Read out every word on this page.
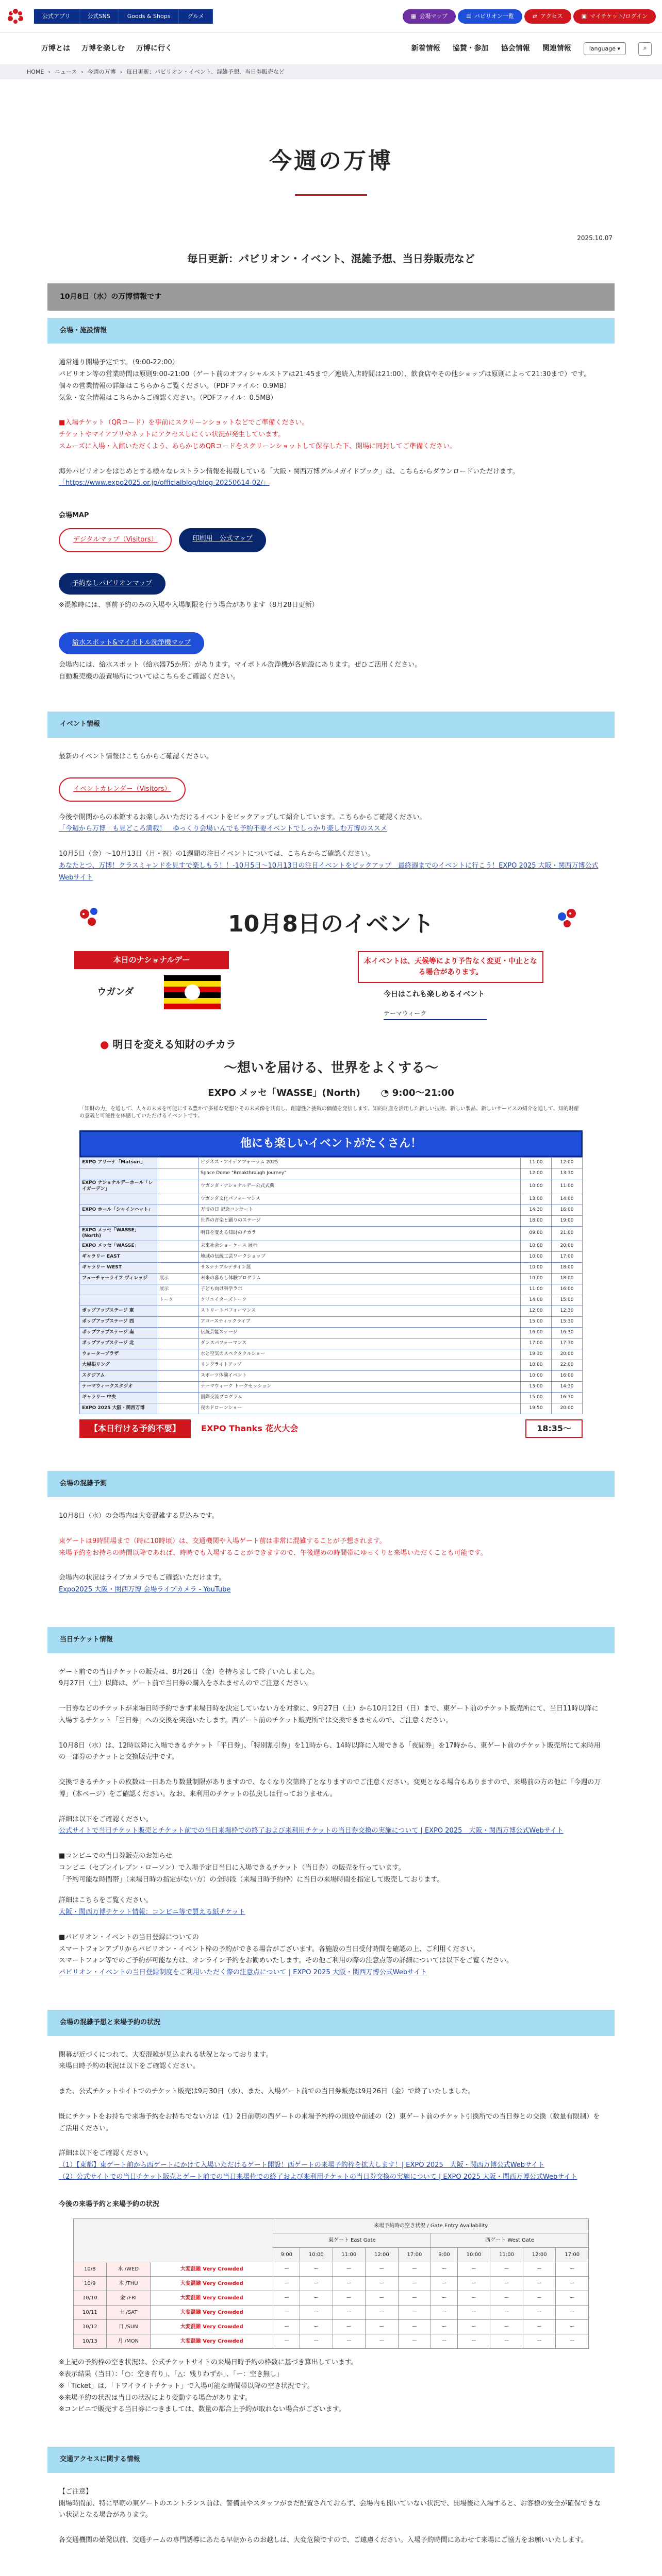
公式アプリ	公式SNS	Goods & Shops	グルメ	▦ 会場マップ	☰ パビリオン一覧	⇄ アクセス	▣ マイチケット/ログイン
万博とは 万博を楽しむ 万博に行く	新着情報 協賛・参加 協会情報 関連情報	language ▾	⌕
HOME › ニュース › 今週の万博 › 毎日更新：パビリオン・イベント、混雑予想、当日券販売など
今週の万博
2025.10.07
毎日更新：パビリオン・イベント、混雑予想、当日券販売など
10月8日（水）の万博情報です
会場・施設情報

通常通り開場予定です。（9:00-22:00）

パビリオン等の営業時間は原則9:00-21:00（ゲート前のオフィシャルストアは21:45まで／連続入店時間は21:00）、飲食店やその他ショップは原則によって21:30まで）です。

個々の営業情報の詳細はこちらからご覧ください。（PDFファイル：0.9MB）

気象・安全情報はこちらからご確認ください。（PDFファイル：0.5MB）

■入場チケット（QRコード）を事前にスクリーンショットなどでご準備ください。

チケットやマイアプリやネットにアクセスしにくい状況が発生しています。

スムーズに入場・入館いただくよう、あらかじめQRコードをスクリーンショットして保存した下、開場に同封してご準備ください。

海外パビリオンをはじめとする様々なレストラン情報を掲載している「大阪・関西万博グルメガイドブック」は、こちらからダウンロードいただけます。

「https://www.expo2025.or.jp/officialblog/blog-20250614-02/」

会場MAP

デジタルマップ（Visitors）	印刷用　公式マップ
予約なしパビリオンマップ

※混雑時には、事前予約のみの入場や入場制限を行う場合があります（8月28日更新）

給水スポット&マイボトル洗浄機マップ

会場内には、給水スポット（給水器75か所）があります。マイボトル洗浄機が各施設にあります。ぜひご活用ください。

自動販売機の設置場所についてはこちらをご確認ください。

イベント情報

最新のイベント情報はこちらからご確認ください。

イベントカレンダー（Visitors）

今後や開閉からの本館するお楽しみいただけるイベントをピックアップして紹介しています。こちらからご確認ください。

「今週から万博」も見どころ満載！　ゆっくり会場いんでも予約不要イベントでしっかり楽しむ万博のススメ

10月5日（金）～10月13日（月・祝）の1週間の注目イベントについては、こちらからご確認ください。

あなたとつ、万博！クラスミャンドを見すで楽しもう！！-10月5日～10月13日の注目イベントをピックアップ　最終週までのイベントに行こう！EXPO 2025 大阪・関西万博公式Webサイト

10月8日のイベント
本日のナショナルデー
ウガンダ
本イベントは、天候等により予告なく変更・中止となる場合があります。
今日はこれも楽しめるイベント
テーマウィーク
● 明日を変える知財のチカラ
～想いを届ける、世界をよくする～
EXPO メッセ「WASSE」(North) ◔ 9:00〜21:00
「知財の力」を通して、人々の未来を可能にする豊かで多様な発想とその未来像を共有し、創造性と挑戦の価値を発信します。知的財産を活用した新しい技術、新しい製品、新しいサービスの紹介を通して、知的財産の意義と可能性を体感していただけるイベントです。
他にも楽しいイベントがたくさん！
EXPO アリーナ「Matsuri」		ビジネス・アイデアフォーラム 2025	11:00	12:00
		Space Dome "Breakthrough Journey"	12:00	13:30
EXPO ナショナルデーホール「レイガーデン」		ウガンダ・ナショナルデー公式式典	10:00	11:00
		ウガンダ文化パフォーマンス	13:00	14:00
EXPO ホール「シャインハット」		万博の日 記念コンサート	14:30	16:00
		世界の音楽と踊りのステージ	18:00	19:00
EXPO メッセ「WASSE」(North)		明日を変える知財のチカラ	09:00	21:00
EXPO メッセ「WASSE」		未来社会ショーケース 展示	10:00	20:00
ギャラリー EAST		地域の伝統工芸ワークショップ	10:00	17:00
ギャラリー WEST		サステナブルデザイン展	10:00	18:00
フューチャーライフ ヴィレッジ	展示	未来の暮らし体験プログラム	10:00	18:00
	展示	子ども向け科学ラボ	11:00	16:00
	トーク	クリエイターズトーク	14:00	15:00
ポップアップステージ 東		ストリートパフォーマンス	12:00	12:30
ポップアップステージ 西		アコースティックライブ	15:00	15:30
ポップアップステージ 南		伝統芸能ステージ	16:00	16:30
ポップアップステージ 北		ダンスパフォーマンス	17:00	17:30
ウォータープラザ		水と空気のスペクタクルショー	19:30	20:00
大屋根リング		リングライトアップ	18:00	22:00
スタジアム		スポーツ体験イベント	10:00	16:00
テーマウィークスタジオ		テーマウィーク トークセッション	13:00	14:30
ギャラリー 中央		国際交流プログラム	15:00	16:30
EXPO 2025 大阪・関西万博		夜のドローンショー	19:50	20:00
【本日行ける予約不要】	EXPO Thanks 花火大会	18:35〜
会場の混雑予測

10月8日（水）の会場内は大変混雑する見込みです。

東ゲートは9時開場まで（時に10時頃）は、交通機関や入場ゲート前は非常に混雑することが予想されます。

来場予約をお持ちの時間以降であれば、時時でも入場することができますので、午後遅めの時間帯にゆっくりと来場いただくことも可能です。

会場内の状況はライブカメラでもご確認いただけます。

Expo2025 大阪・関西万博 会場ライブカメラ - YouTube

当日チケット情報

ゲート前での当日チケットの販売は、8月26日（金）を持ちまして終了いたしました。

9月27日（土）以降は、ゲート前で当日券の購入をされませんのでご注意ください。

一日券などのチケットが来場日時予約できず来場日時を決定していない方を対象に、9月27日（土）から10月12日（日）まで、東ゲート前のチケット販売所にて、当日11時以降に入場するチケット「当日券」への交換を実施いたします。西ゲート前のチケット販売所では交換できませんので、ご注意ください。

10月8日（水）は、12時以降に入場できるチケット「平日券」、「特別割引券」を11時から、14時以降に入場できる「夜間券」を17時から、東ゲート前のチケット販売所にて来時用の一部券のチケットと交換販売中です。

交換できるチケットの枚数は一日あたり数量制限がありますので、なくなり次第終了となりますのでご注意ください。変更となる場合もありますので、来場前の方の他に「今週の万博」（本ページ）をご確認ください。なお、来利用のチケットの払戻しは行っておりません。

詳細は以下をご確認ください。

公式サイトで当日チケット販売とチケット前での当日来場枠での終了および来利用チケットの当日券交換の実施について | EXPO 2025　大阪・関西万博公式Webサイト

■コンビニでの当日券販売のお知らせ

コンビニ（セブンイレブン・ローソン）で入場予定日当日に入場できるチケット（当日券）の販売を行っています。

「予約可能な時間帯」（来場日時の指定がない方）の全時段（来場日時予約枠）に当日の来場時間を指定して販売しております。

詳細はこちらをご覧ください。

大阪・関西万博チケット情報：コンビニ等で買える紙チケット

■パビリオン・イベントの当日登録についての

スマートフォンアプリからパビリオン・イベント枠の予約ができる場合がございます。各施設の当日受付時間を確認の上、ご利用ください。

スマートフォン等でのご予約が可能な方は、オンライン予約をお勧めいたします。その他ご利用の際の注意点等の詳細については以下をご覧ください。

パビリオン・イベントの当日登録制度をご利用いただく際の注意点について | EXPO 2025 大阪・関西万博公式Webサイト

会場の混雑予想と来場予約の状況

閉幕が近づくにつれて、大変混雑が見込まれる状況となっております。

来場日時予約の状況は以下をご確認ください。

また、公式チケットサイトでのチケット販売は9月30日（水）、また、入場ゲート前での当日券販売は9月26日（金）で終了いたしました。

既にチケットをお持ちで来場予約をお持ちでない方は（1）2日前朝の西ゲートの来場予約枠の開放や前述の（2）東ゲート前のチケット引換所での当日券との交換（数量有限制）をご活用ください。

詳細は以下をご確認ください。

（1）【東都】東ゲート前から西ゲートにかけて入場いただけるゲート開設！西ゲートの来場予約枠を拡大します！| EXPO 2025　大阪・関西万博公式Webサイト

（2）公式サイトでの当日チケット販売とゲート前での当日来場枠での終了および来利用チケットの当日券交換の実施について | EXPO 2025 大阪・関西万博公式Webサイト

今後の来場予約と来場予約の状況

			来場予約時の空き状況 / Gate Entry Availability									
			東ゲート East Gate					西ゲート West Gate				
			9:00	10:00	11:00	12:00	17:00	9:00	10:00	11:00	12:00	17:00
10/8	水 /WED	大変混雑 Very Crowded	ー	ー	ー	ー	ー	ー	ー	ー	ー	ー
10/9	木 /THU	大変混雑 Very Crowded	ー	ー	ー	ー	ー	ー	ー	ー	ー	ー
10/10	金 /FRI	大変混雑 Very Crowded	ー	ー	ー	ー	ー	ー	ー	ー	ー	ー
10/11	土 /SAT	大変混雑 Very Crowded	ー	ー	ー	ー	ー	ー	ー	ー	ー	ー
10/12	日 /SUN	大変混雑 Very Crowded	ー	ー	ー	ー	ー	ー	ー	ー	ー	ー
10/13	月 /MON	大変混雑 Very Crowded	ー	ー	ー	ー	ー	ー	ー	ー	ー	ー

※上記の予約枠の空き状況は、公式チケットサイトの来場日時予約の枠数に基づき算出しています。

※表示結果（当日）：「○：空き有り」、「△：残りわずか」、「ー：空き無し」

※「Ticket」は、「トワイライトチケット」で入場可能な時間帯以降の空き状況です。

※来場予約の状況は当日の状況により変動する場合があります。

※コンビニで販売する当日券につきましては、数量の都合上予約が取れない場合がございます。

交通アクセスに関する情報

【ご注意】

開場時間前、特に早朝の東ゲートのエントランス前は、警備員やスタッフがまだ配置されておらず、会場内も開いていない状況で、開場後に入場すると、お客様の安全が確保できない状況となる場合があります。

各交通機関の始発以前、交通チームの専門誘導にあたる早朝からのお越しは、大変危険ですので、ご遠慮ください。入場予約時間にあわせて来場にご協力をお願いいたします。
